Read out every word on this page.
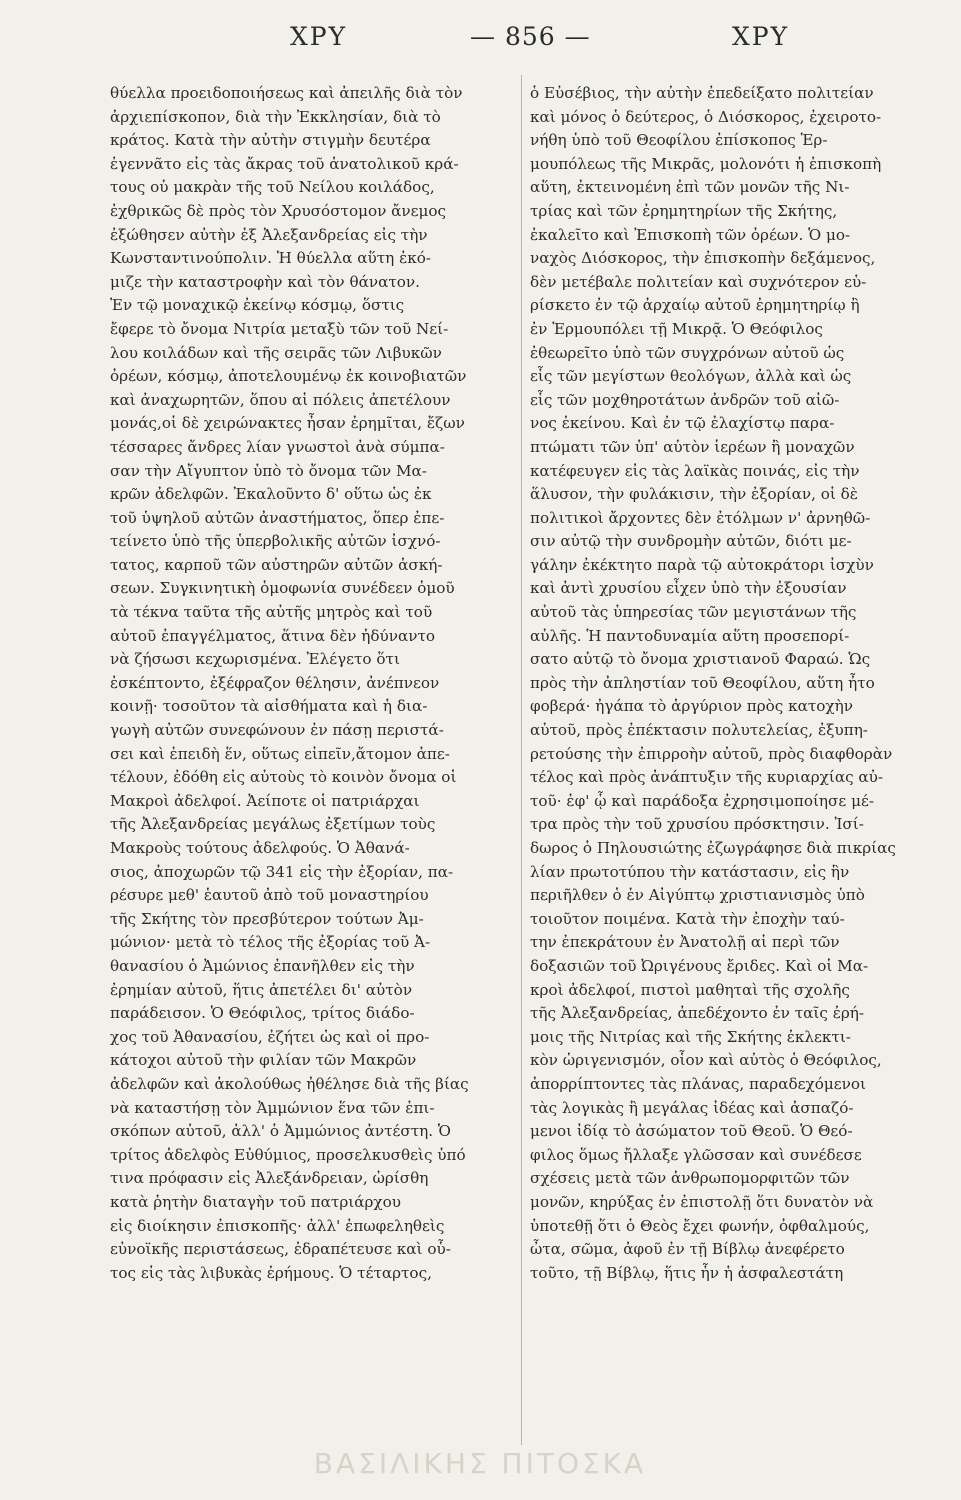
ΧΡΥ	— 856 —	ΧΡΥ
θύελλα προειδοποιήσεως καὶ ἀπειλῆς διὰ τὸν
ἀρχιεπίσκοπον, διὰ τὴν Ἐκκλησίαν, διὰ τὸ
κράτος. Κατὰ τὴν αὐτὴν στιγμὴν δευτέρα
ἐγεννᾶτο εἰς τὰς ἄκρας τοῦ ἀνατολικοῦ κρά-
τους οὐ μακρὰν τῆς τοῦ Νείλου κοιλάδος,
ἐχθρικῶς δὲ πρὸς τὸν Χρυσόστομον ἄνεμος
ἐξώθησεν αὐτὴν ἐξ Ἀλεξανδρείας εἰς τὴν
Κωνσταντινούπολιν. Ἡ θύελλα αὕτη ἐκό-
μιζε τὴν καταστροφὴν καὶ τὸν θάνατον.
Ἐν τῷ μοναχικῷ ἐκείνῳ κόσμῳ, ὅστις
ἔφερε τὸ ὄνομα Νιτρία μεταξὺ τῶν τοῦ Νεί-
λου κοιλάδων καὶ τῆς σειρᾶς τῶν Λιβυκῶν
ὀρέων, κόσμῳ, ἀποτελουμένῳ ἐκ κοινοβιατῶν
καὶ ἀναχωρητῶν, ὅπου αἱ πόλεις ἀπετέλουν
μονάς,οἱ δὲ χειρώνακτες ἦσαν ἐρημῖται, ἔζων
τέσσαρες ἄνδρες λίαν γνωστοὶ ἀνὰ σύμπα-
σαν τὴν Αἴγυπτον ὑπὸ τὸ ὄνομα τῶν Μα-
κρῶν ἀδελφῶν. Ἐκαλοῦντο δ' οὕτω ὡς ἐκ
τοῦ ὑψηλοῦ αὐτῶν ἀναστήματος, ὅπερ ἐπε-
τείνετο ὑπὸ τῆς ὑπερβολικῆς αὐτῶν ἰσχνό-
τατος, καρποῦ τῶν αὐστηρῶν αὐτῶν ἀσκή-
σεων. Συγκινητικὴ ὁμοφωνία συνέδεεν ὁμοῦ
τὰ τέκνα ταῦτα τῆς αὐτῆς μητρὸς καὶ τοῦ
αὐτοῦ ἐπαγγέλματος, ἅτινα δὲν ἠδύναντο
νὰ ζήσωσι κεχωρισμένα. Ἐλέγετο ὅτι
ἐσκέπτοντο, ἐξέφραζον θέλησιν, ἀνέπνεον
κοινῇ· τοσοῦτον τὰ αἰσθήματα καὶ ἡ δια-
γωγὴ αὐτῶν συνεφώνουν ἐν πάσῃ περιστά-
σει καὶ ἐπειδὴ ἕν, οὕτως εἰπεῖν,ἄτομον ἀπε-
τέλουν, ἐδόθη εἰς αὐτοὺς τὸ κοινὸν ὄνομα οἱ
Μακροὶ ἀδελφοί. Ἀείποτε οἱ πατριάρχαι
τῆς Ἀλεξανδρείας μεγάλως ἐξετίμων τοὺς
Μακροὺς τούτους ἀδελφούς. Ὁ Ἀθανά-
σιος, ἀποχωρῶν τῷ 341 εἰς τὴν ἐξορίαν, πα-
ρέσυρε μεθ' ἑαυτοῦ ἀπὸ τοῦ μοναστηρίου
τῆς Σκήτης τὸν πρεσβύτερον τούτων Ἀμ-
μώνιον· μετὰ τὸ τέλος τῆς ἐξορίας τοῦ Ἀ-
θανασίου ὁ Ἀμώνιος ἐπανῆλθεν εἰς τὴν
ἐρημίαν αὐτοῦ, ἥτις ἀπετέλει δι' αὐτὸν
παράδεισον. Ὁ Θεόφιλος, τρίτος διάδο-
χος τοῦ Ἀθανασίου, ἐζήτει ὡς καὶ οἱ προ-
κάτοχοι αὐτοῦ τὴν φιλίαν τῶν Μακρῶν
ἀδελφῶν καὶ ἀκολούθως ἠθέλησε διὰ τῆς βίας
νὰ καταστήσῃ τὸν Ἀμμώνιον ἕνα τῶν ἐπι-
σκόπων αὐτοῦ, ἀλλ' ὁ Ἀμμώνιος ἀντέστη. Ὁ
τρίτος ἀδελφὸς Εὐθύμιος, προσελκυσθεὶς ὑπό
τινα πρόφασιν εἰς Ἀλεξάνδρειαν, ὡρίσθη
κατὰ ῥητὴν διαταγὴν τοῦ πατριάρχου
εἰς διοίκησιν ἐπισκοπῆς· ἀλλ' ἐπωφεληθεὶς
εὐνοϊκῆς περιστάσεως, ἐδραπέτευσε καὶ οὗ-
τος εἰς τὰς λιβυκὰς ἐρήμους. Ὁ τέταρτος,
ὁ Εὐσέβιος, τὴν αὐτὴν ἐπεδείξατο πολιτείαν
καὶ μόνος ὁ δεύτερος, ὁ Διόσκορος, ἐχειροτο-
νήθη ὑπὸ τοῦ Θεοφίλου ἐπίσκοπος Ἑρ-
μουπόλεως τῆς Μικρᾶς, μολονότι ἡ ἐπισκοπὴ
αὕτη, ἐκτεινομένη ἐπὶ τῶν μονῶν τῆς Νι-
τρίας καὶ τῶν ἐρημητηρίων τῆς Σκήτης,
ἐκαλεῖτο καὶ Ἐπισκοπὴ τῶν ὀρέων. Ὁ μο-
ναχὸς Διόσκορος, τὴν ἐπισκοπὴν δεξάμενος,
δὲν μετέβαλε πολιτείαν καὶ συχνότερον εὑ-
ρίσκετο ἐν τῷ ἀρχαίῳ αὐτοῦ ἐρημητηρίῳ ἢ
ἐν Ἑρμουπόλει τῇ Μικρᾷ. Ὁ Θεόφιλος
ἐθεωρεῖτο ὑπὸ τῶν συγχρόνων αὐτοῦ ὡς
εἷς τῶν μεγίστων θεολόγων, ἀλλὰ καὶ ὡς
εἷς τῶν μοχθηροτάτων ἀνδρῶν τοῦ αἰῶ-
νος ἐκείνου. Καὶ ἐν τῷ ἐλαχίστῳ παρα-
πτώματι τῶν ὑπ' αὐτὸν ἱερέων ἢ μοναχῶν
κατέφευγεν εἰς τὰς λαϊκὰς ποινάς, εἰς τὴν
ἅλυσον, τὴν φυλάκισιν, τὴν ἐξορίαν, οἱ δὲ
πολιτικοὶ ἄρχοντες δὲν ἐτόλμων ν' ἀρνηθῶ-
σιν αὐτῷ τὴν συνδρομὴν αὐτῶν, διότι με-
γάλην ἐκέκτητο παρὰ τῷ αὐτοκράτορι ἰσχὺν
καὶ ἀντὶ χρυσίου εἶχεν ὑπὸ τὴν ἐξουσίαν
αὐτοῦ τὰς ὑπηρεσίας τῶν μεγιστάνων τῆς
αὐλῆς. Ἡ παντοδυναμία αὕτη προσεπορί-
σατο αὐτῷ τὸ ὄνομα χριστιανοῦ Φαραώ. Ὡς
πρὸς τὴν ἀπληστίαν τοῦ Θεοφίλου, αὕτη ἦτο
φοβερά· ἠγάπα τὸ ἀργύριον πρὸς κατοχὴν
αὐτοῦ, πρὸς ἐπέκτασιν πολυτελείας, ἐξυπη-
ρετούσης τὴν ἐπιρροὴν αὐτοῦ, πρὸς διαφθορὰν
τέλος καὶ πρὸς ἀνάπτυξιν τῆς κυριαρχίας αὐ-
τοῦ· ἐφ' ᾧ καὶ παράδοξα ἐχρησιμοποίησε μέ-
τρα πρὸς τὴν τοῦ χρυσίου πρόσκτησιν. Ἰσί-
δωρος ὁ Πηλουσιώτης ἐζωγράφησε διὰ πικρίας
λίαν πρωτοτύπου τὴν κατάστασιν, εἰς ἣν
περιῆλθεν ὁ ἐν Αἰγύπτῳ χριστιανισμὸς ὑπὸ
τοιοῦτον ποιμένα. Κατὰ τὴν ἐποχὴν ταύ-
την ἐπεκράτουν ἐν Ἀνατολῇ αἱ περὶ τῶν
δοξασιῶν τοῦ Ὠριγένους ἔριδες. Καὶ οἱ Μα-
κροὶ ἀδελφοί, πιστοὶ μαθηταὶ τῆς σχολῆς
τῆς Ἀλεξανδρείας, ἀπεδέχοντο ἐν ταῖς ἐρή-
μοις τῆς Νιτρίας καὶ τῆς Σκήτης ἐκλεκτι-
κὸν ὡριγενισμόν, οἷον καὶ αὐτὸς ὁ Θεόφιλος,
ἀπορρίπτοντες τὰς πλάνας, παραδεχόμενοι
τὰς λογικὰς ἢ μεγάλας ἰδέας καὶ ἀσπαζό-
μενοι ἰδίᾳ τὸ ἀσώματον τοῦ Θεοῦ. Ὁ Θεό-
φιλος ὅμως ἤλλαξε γλῶσσαν καὶ συνέδεσε
σχέσεις μετὰ τῶν ἀνθρωπομορφιτῶν τῶν
μονῶν, κηρύξας ἐν ἐπιστολῇ ὅτι δυνατὸν νὰ
ὑποτεθῇ ὅτι ὁ Θεὸς ἔχει φωνήν, ὀφθαλμούς,
ὦτα, σῶμα, ἀφοῦ ἐν τῇ Βίβλῳ ἀνεφέρετο
τοῦτο, τῇ Βίβλῳ, ἥτις ἦν ἡ ἀσφαλεστάτη
ΒΑΣΙΛΙΚΗΣ ΠΙΤΟΣΚΑ
